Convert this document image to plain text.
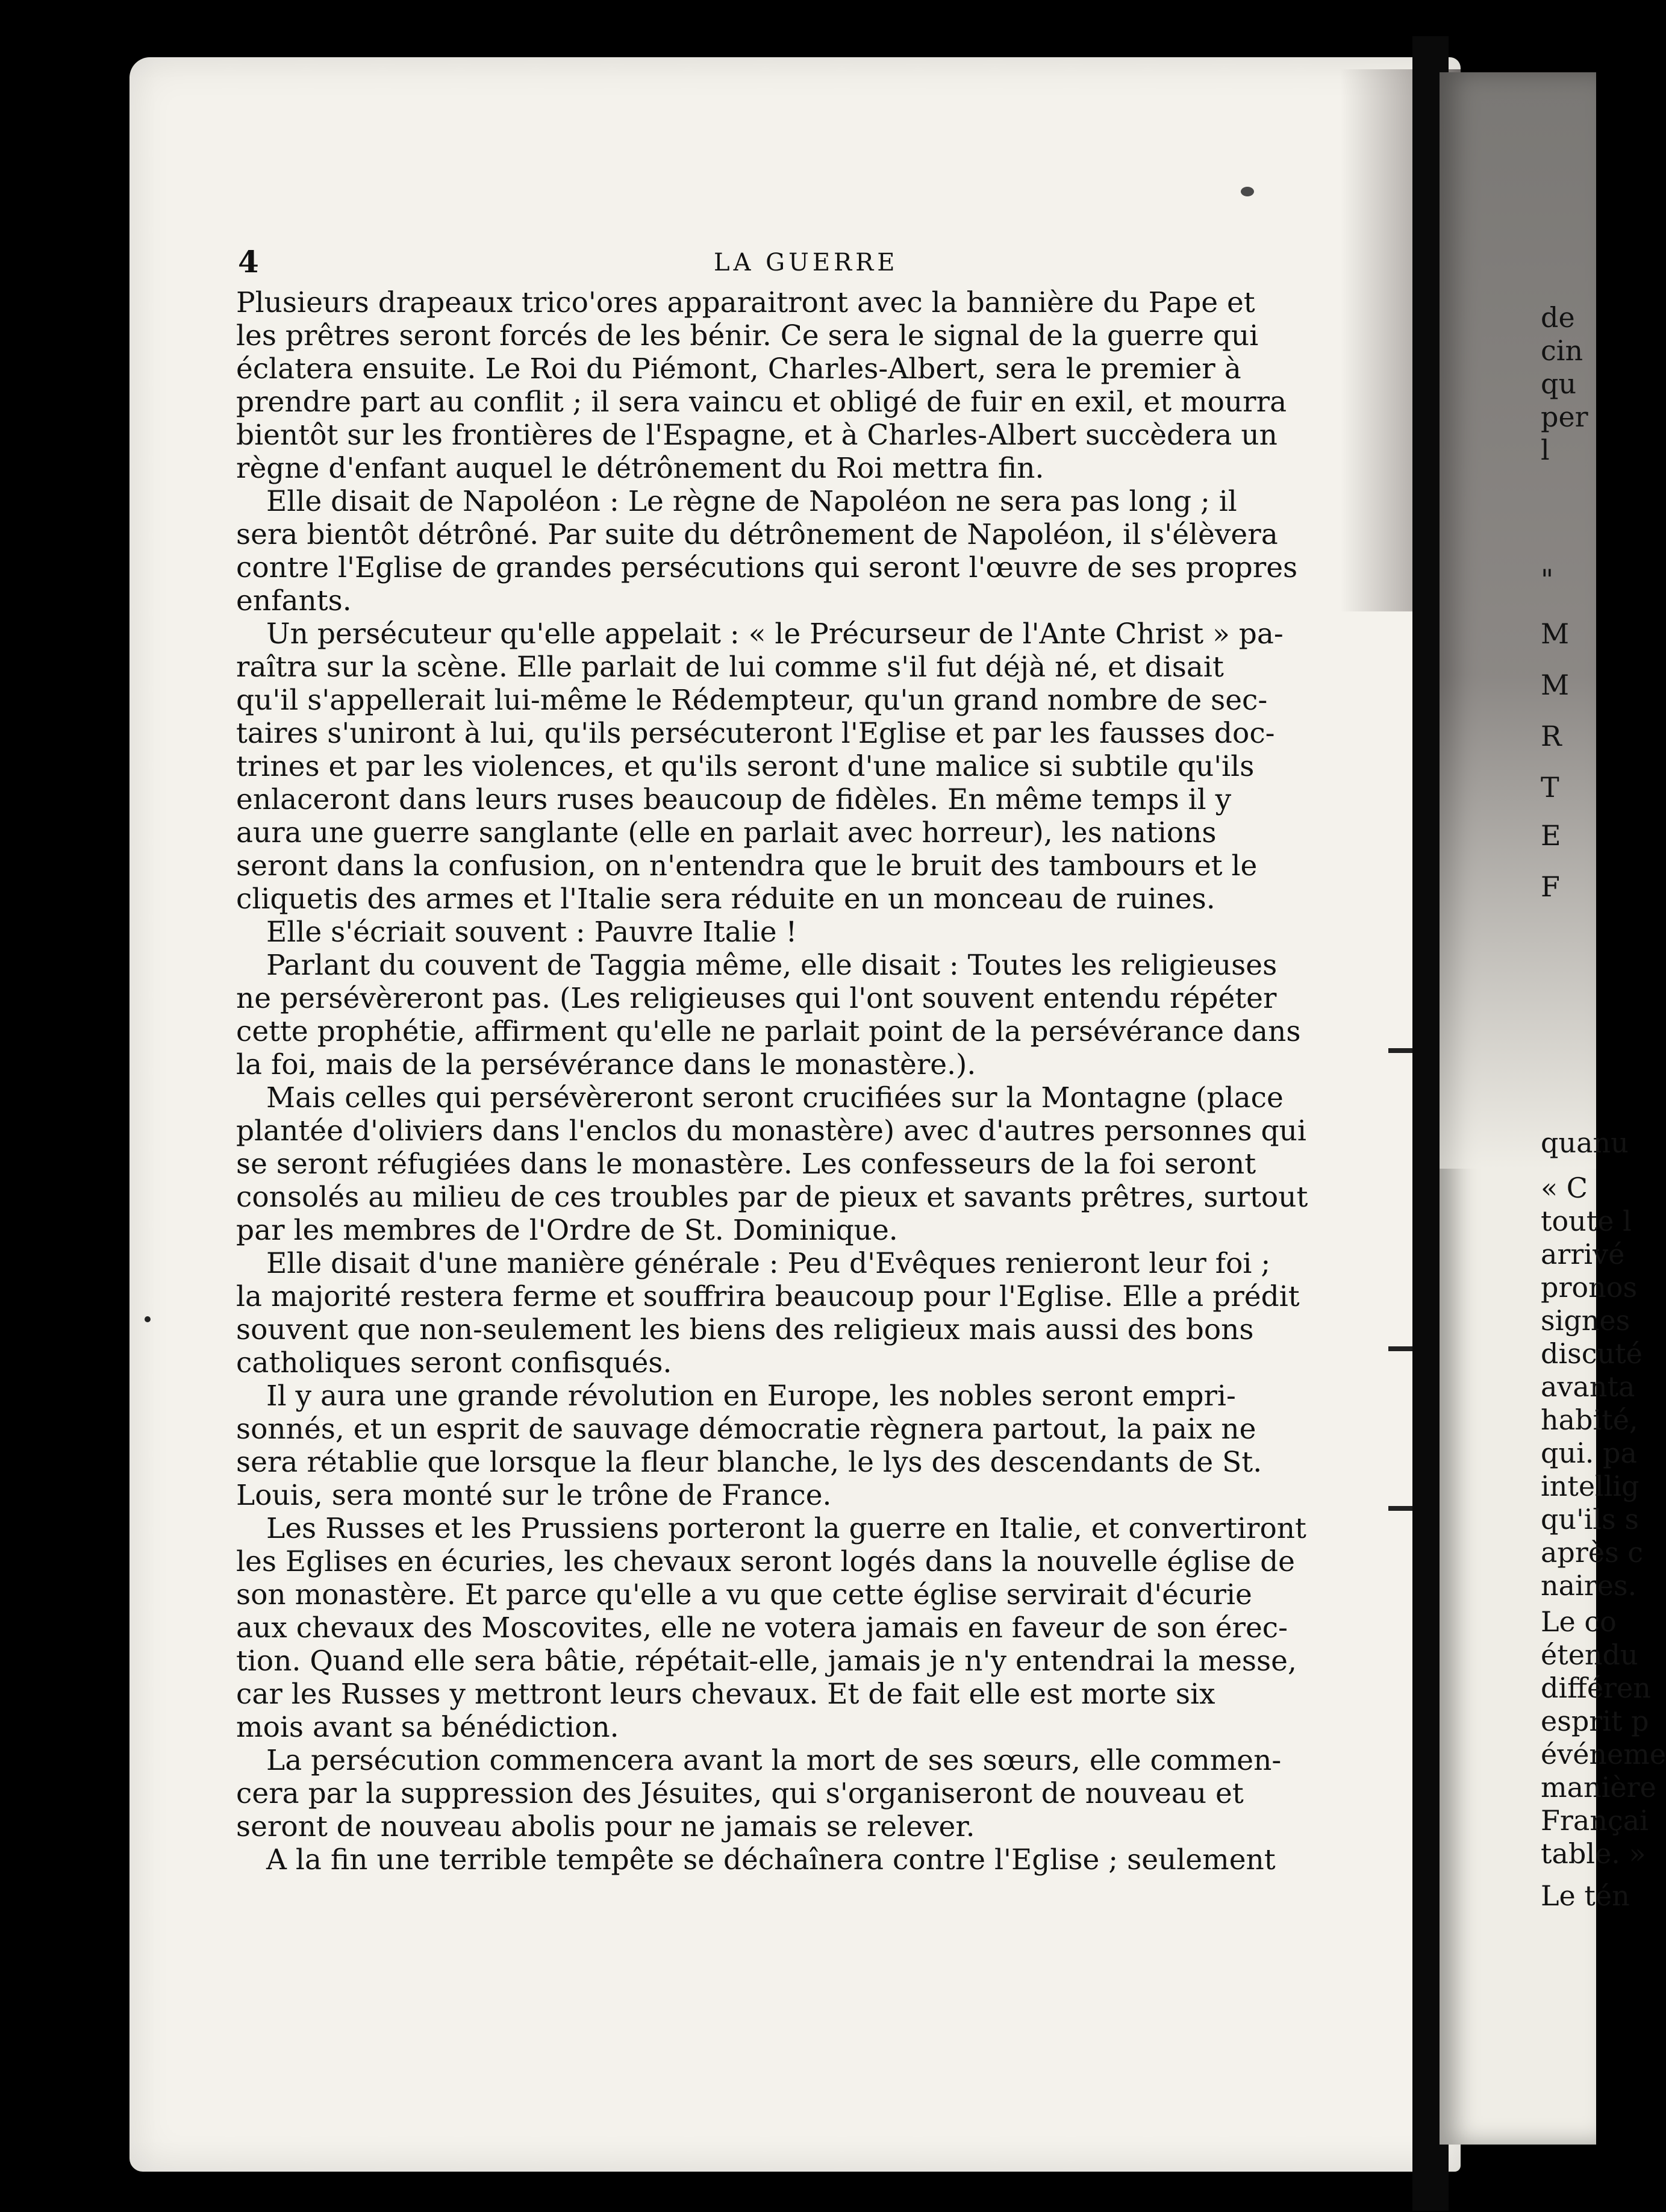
4	LA GUERRE
Plusieurs drapeaux trico'ores apparaitront avec la bannière du Pape et
les prêtres seront forcés de les bénir. Ce sera le signal de la guerre qui
éclatera ensuite. Le Roi du Piémont, Charles-Albert, sera le premier à
prendre part au conflit ; il sera vaincu et obligé de fuir en exil, et mourra
bientôt sur les frontières de l'Espagne, et à Charles-Albert succèdera un
règne d'enfant auquel le détrônement du Roi mettra fin.
Elle disait de Napoléon : Le règne de Napoléon ne sera pas long ; il
sera bientôt détrôné. Par suite du détrônement de Napoléon, il s'élèvera
contre l'Eglise de grandes persécutions qui seront l'œuvre de ses propres
enfants.
Un persécuteur qu'elle appelait : « le Précurseur de l'Ante Christ » pa-
raîtra sur la scène. Elle parlait de lui comme s'il fut déjà né, et disait
qu'il s'appellerait lui-même le Rédempteur, qu'un grand nombre de sec-
taires s'uniront à lui, qu'ils persécuteront l'Eglise et par les fausses doc-
trines et par les violences, et qu'ils seront d'une malice si subtile qu'ils
enlaceront dans leurs ruses beaucoup de fidèles. En même temps il y
aura une guerre sanglante (elle en parlait avec horreur), les nations
seront dans la confusion, on n'entendra que le bruit des tambours et le
cliquetis des armes et l'Italie sera réduite en un monceau de ruines.
Elle s'écriait souvent : Pauvre Italie !
Parlant du couvent de Taggia même, elle disait : Toutes les religieuses
ne persévèreront pas. (Les religieuses qui l'ont souvent entendu répéter
cette prophétie, affirment qu'elle ne parlait point de la persévérance dans
la foi, mais de la persévérance dans le monastère.).
Mais celles qui persévèreront seront crucifiées sur la Montagne (place
plantée d'oliviers dans l'enclos du monastère) avec d'autres personnes qui
se seront réfugiées dans le monastère. Les confesseurs de la foi seront
consolés au milieu de ces troubles par de pieux et savants prêtres, surtout
par les membres de l'Ordre de St. Dominique.
Elle disait d'une manière générale : Peu d'Evêques renieront leur foi ;
la majorité restera ferme et souffrira beaucoup pour l'Eglise. Elle a prédit
souvent que non-seulement les biens des religieux mais aussi des bons
catholiques seront confisqués.
Il y aura une grande révolution en Europe, les nobles seront empri-
sonnés, et un esprit de sauvage démocratie règnera partout, la paix ne
sera rétablie que lorsque la fleur blanche, le lys des descendants de St.
Louis, sera monté sur le trône de France.
Les Russes et les Prussiens porteront la guerre en Italie, et convertiront
les Eglises en écuries, les chevaux seront logés dans la nouvelle église de
son monastère. Et parce qu'elle a vu que cette église servirait d'écurie
aux chevaux des Moscovites, elle ne votera jamais en faveur de son érec-
tion. Quand elle sera bâtie, répétait-elle, jamais je n'y entendrai la messe,
car les Russes y mettront leurs chevaux. Et de fait elle est morte six
mois avant sa bénédiction.
La persécution commencera avant la mort de ses sœurs, elle commen-
cera par la suppression des Jésuites, qui s'organiseront de nouveau et
seront de nouveau abolis pour ne jamais se relever.
A la fin une terrible tempête se déchaînera contre l'Eglise ; seulement
de
cin
qu
per
l
"
M
M
R
T
E
F
quanu
« C
toute l
arrivé
pronos
signes
discuté
avanta
habité,
qui. pa
intellig
qu'ils s
après c
naires.
Le co
étendu
différen
esprit p
événeme
manière
Françai
table. »
Le tén
